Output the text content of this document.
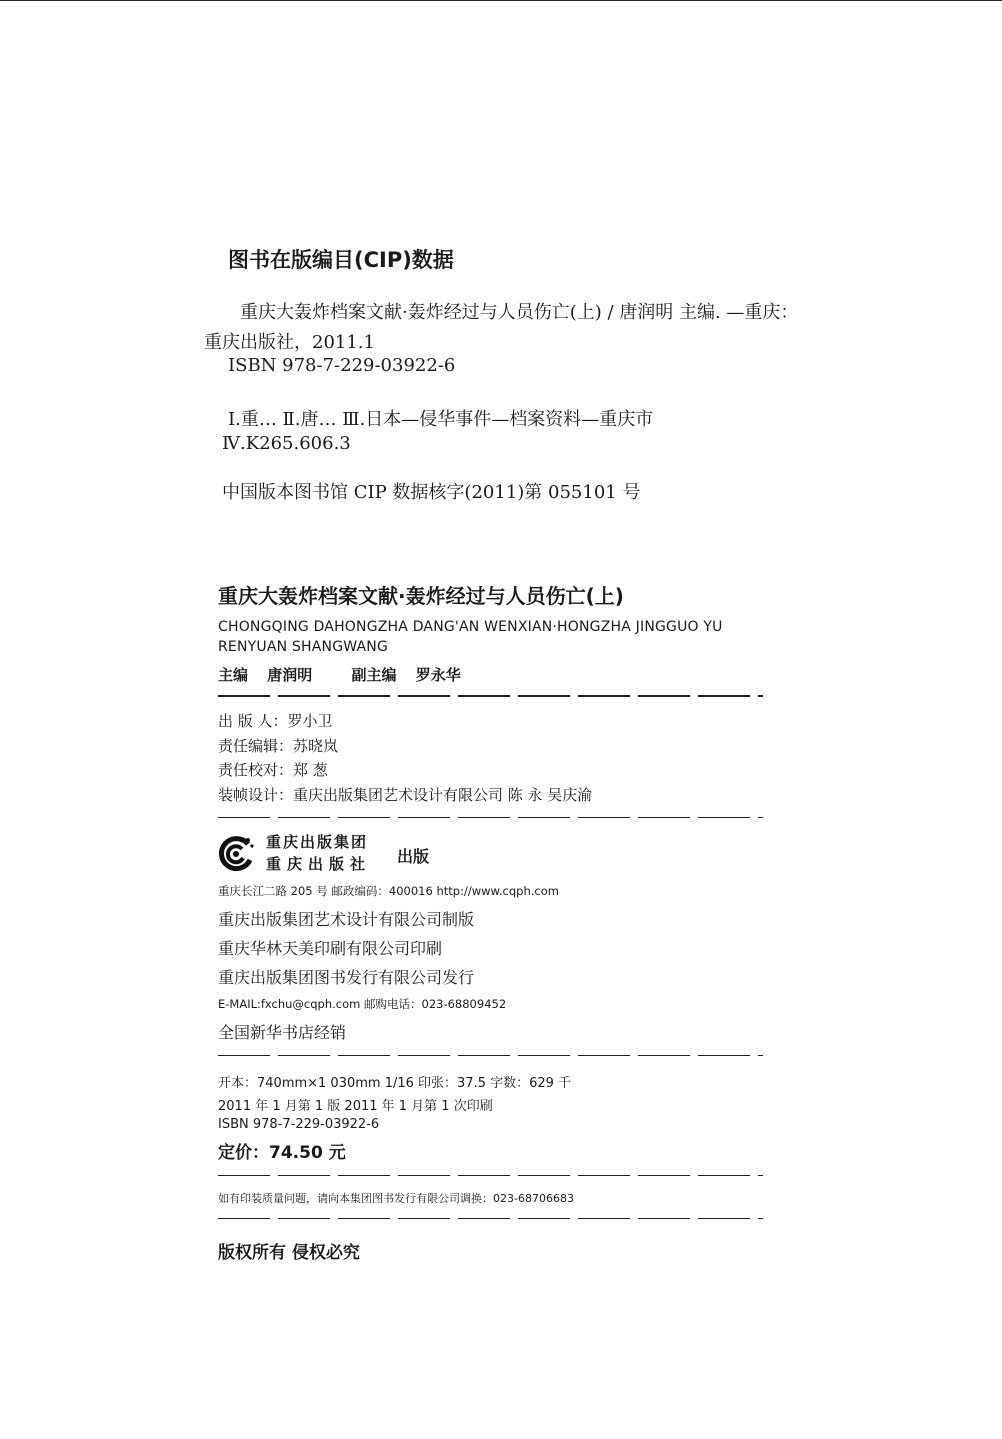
图书在版编目(CIP)数据
重庆大轰炸档案文献·轰炸经过与人员伤亡(上) / 唐润明 主编. —重庆：
重庆出版社，2011.1
ISBN 978-7-229-03922-6
Ⅰ.重… Ⅱ.唐… Ⅲ.日本—侵华事件—档案资料—重庆市
Ⅳ.K265.606.3
中国版本图书馆 CIP 数据核字(2011)第 055101 号
重庆大轰炸档案文献·轰炸经过与人员伤亡(上)
CHONGQING DAHONGZHA DANG'AN WENXIAN·HONGZHA JINGGUO YU
RENYUAN SHANGWANG
主编 唐润明	副主编 罗永华
出 版 人：罗小卫
责任编辑：苏晓岚
责任校对：郑 葱
装帧设计：重庆出版集团艺术设计有限公司 陈 永 吴庆渝
重庆出版集团
重庆出版社 出版
重庆长江二路 205 号 邮政编码：400016 http://www.cqph.com
重庆出版集团艺术设计有限公司制版
重庆华林天美印刷有限公司印刷
重庆出版集团图书发行有限公司发行
E-MAIL:fxchu@cqph.com 邮购电话：023-68809452
全国新华书店经销
开本：740mm×1 030mm 1/16 印张：37.5 字数：629 千
2011 年 1 月第 1 版 2011 年 1 月第 1 次印刷
ISBN 978-7-229-03922-6
定价：74.50 元
如有印装质量问题，请向本集团图书发行有限公司调换：023-68706683
版权所有 侵权必究
